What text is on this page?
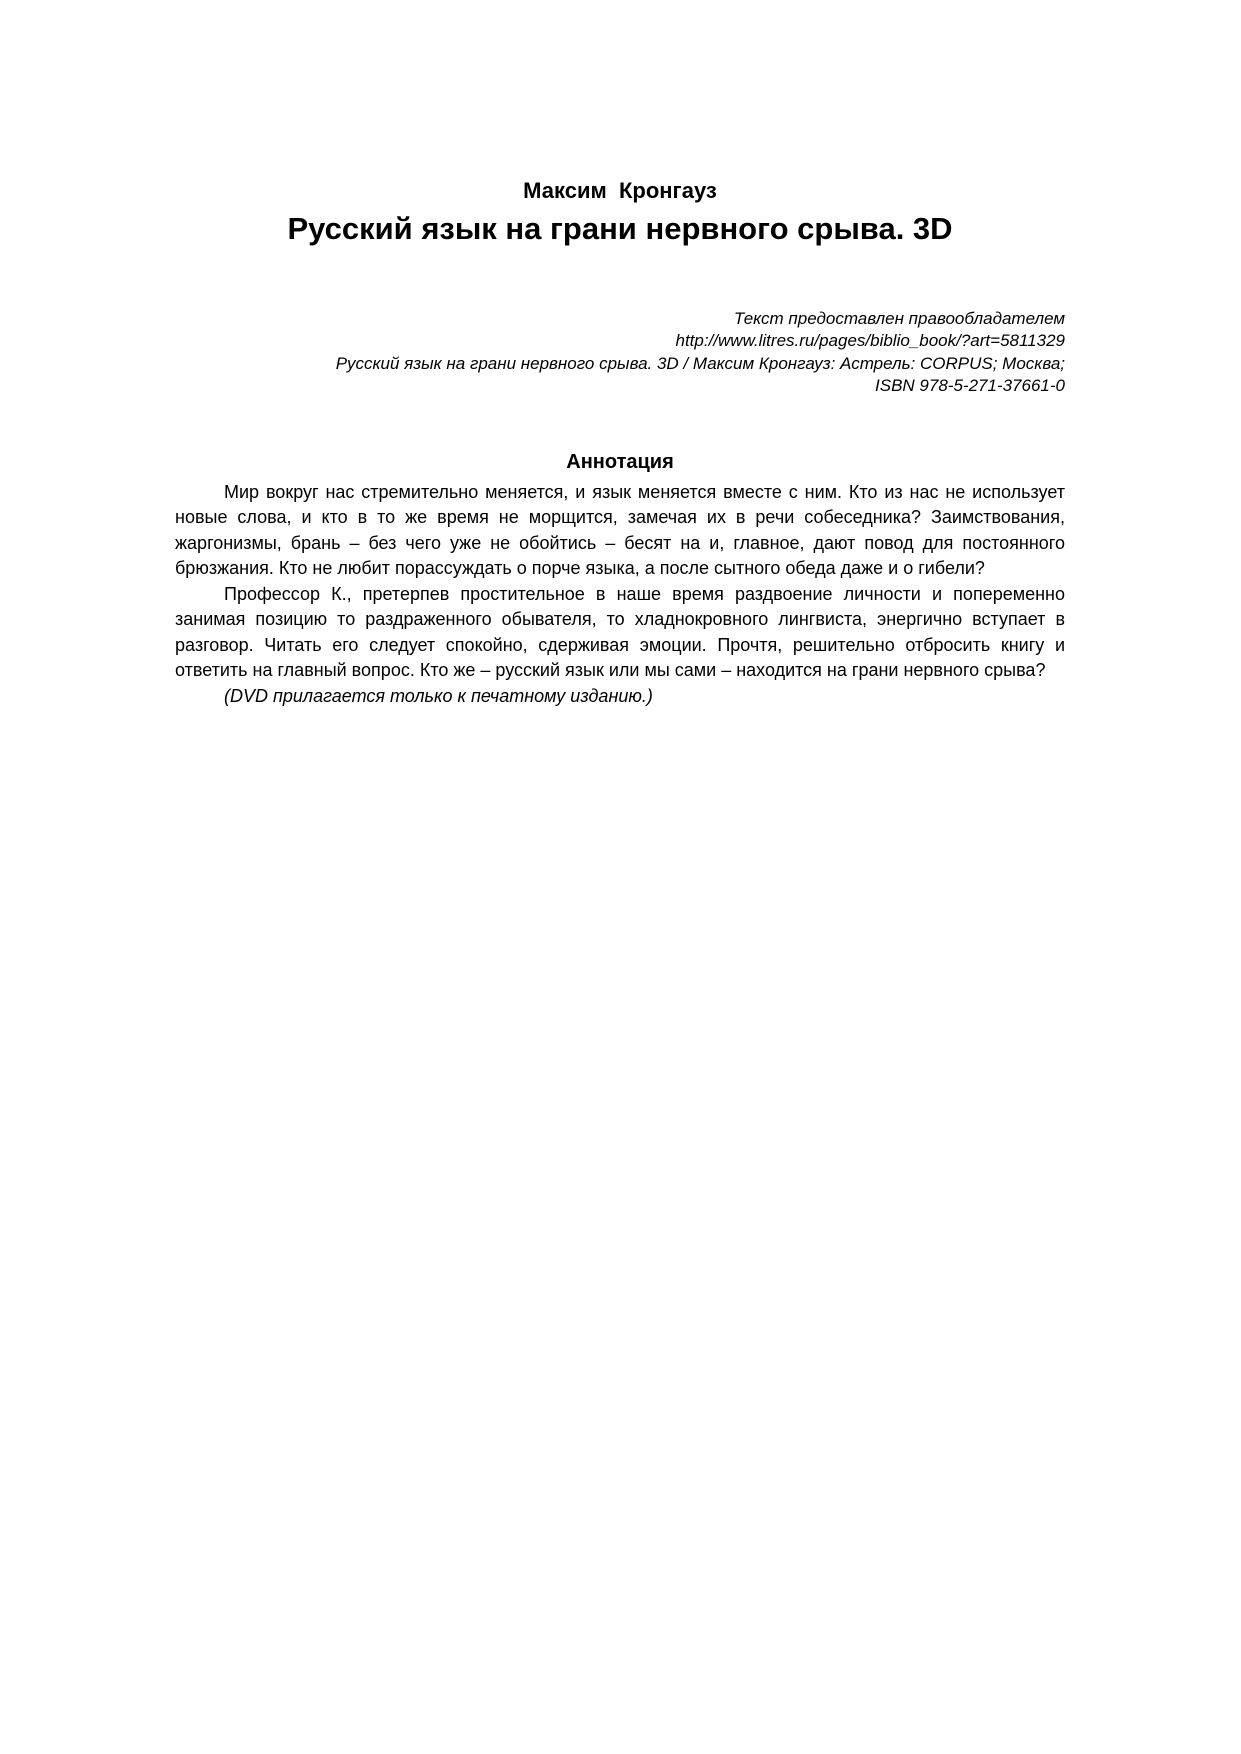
Максим  Кронгауз
Русский язык на грани нервного срыва. 3D
Текст предоставлен правообладателем
http://www.litres.ru/pages/biblio_book/?art=5811329
Русский язык на грани нервного срыва. 3D / Максим Кронгауз: Астрель: CORPUS; Москва;
ISBN 978-5-271-37661-0
Аннотация

Мир вокруг нас стремительно меняется, и язык меняется вместе с ним. Кто из нас не использует новые слова, и кто в то же время не морщится, замечая их в речи собеседника? Заимствования, жаргонизмы, брань – без чего уже не обойтись – бесят на и, главное, дают повод для постоянного брюзжания. Кто не любит порассуждать о порче языка, а после сытного обеда даже и о гибели?

Профессор К., претерпев простительное в наше время раздвоение личности и попеременно занимая позицию то раздраженного обывателя, то хладнокровного лингвиста, энергично вступает в разговор. Читать его следует спокойно, сдерживая эмоции. Прочтя, решительно отбросить книгу и ответить на главный вопрос. Кто же – русский язык или мы сами – находится на грани нервного срыва?

(DVD прилагается только к печатному изданию.)
